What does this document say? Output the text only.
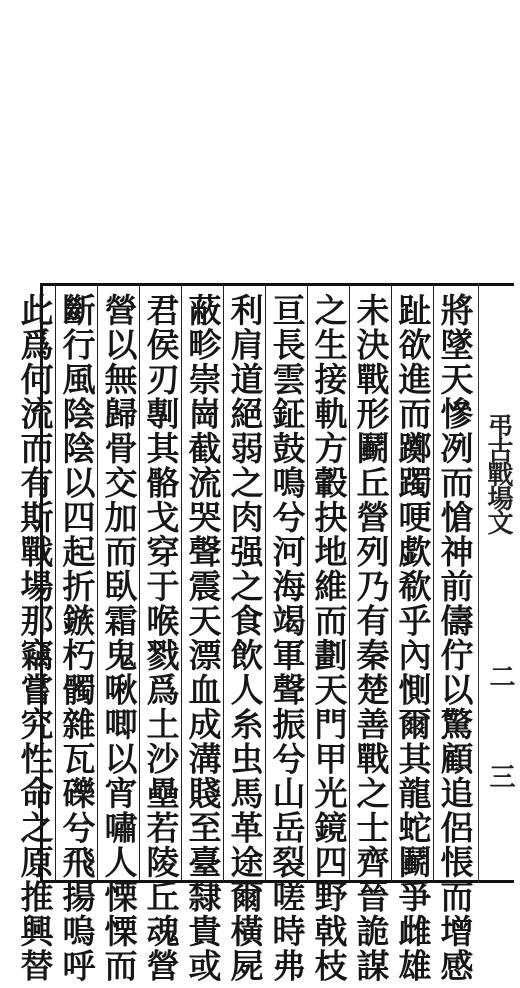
弔古戰場文
二
三
將墜天慘冽而愴神前儔佇以驚顧追侶悵而增感
趾欲進而躑躅哽歔欷乎內惻爾其龍蛇鬬爭雌雄
未決戰形鬬丘營列乃有秦楚善戰之士齊晉詭謀
之生接軌方轂抉地維而劃天門甲光鏡四野戟枝
亘長雲鉦鼓鳴兮河海竭軍聲振兮山岳裂嗟時弗
利肩道絕弱之肉强之食飲人糸虫馬革途爾橫屍
蔽畛崇崗截流哭聲震天漂血成溝賤至臺隸貴或
君侯刃剸其骼戈穿于喉戮爲土沙壘若陵丘魂營
營以無歸骨交加而臥霜鬼啾唧以宵嘯人慄慄而
斷行風陰陰以四起折鏃朽髑雜瓦礫兮飛揚嗚呼
此爲何流而有斯戰場那竊嘗究性命之原推興替
